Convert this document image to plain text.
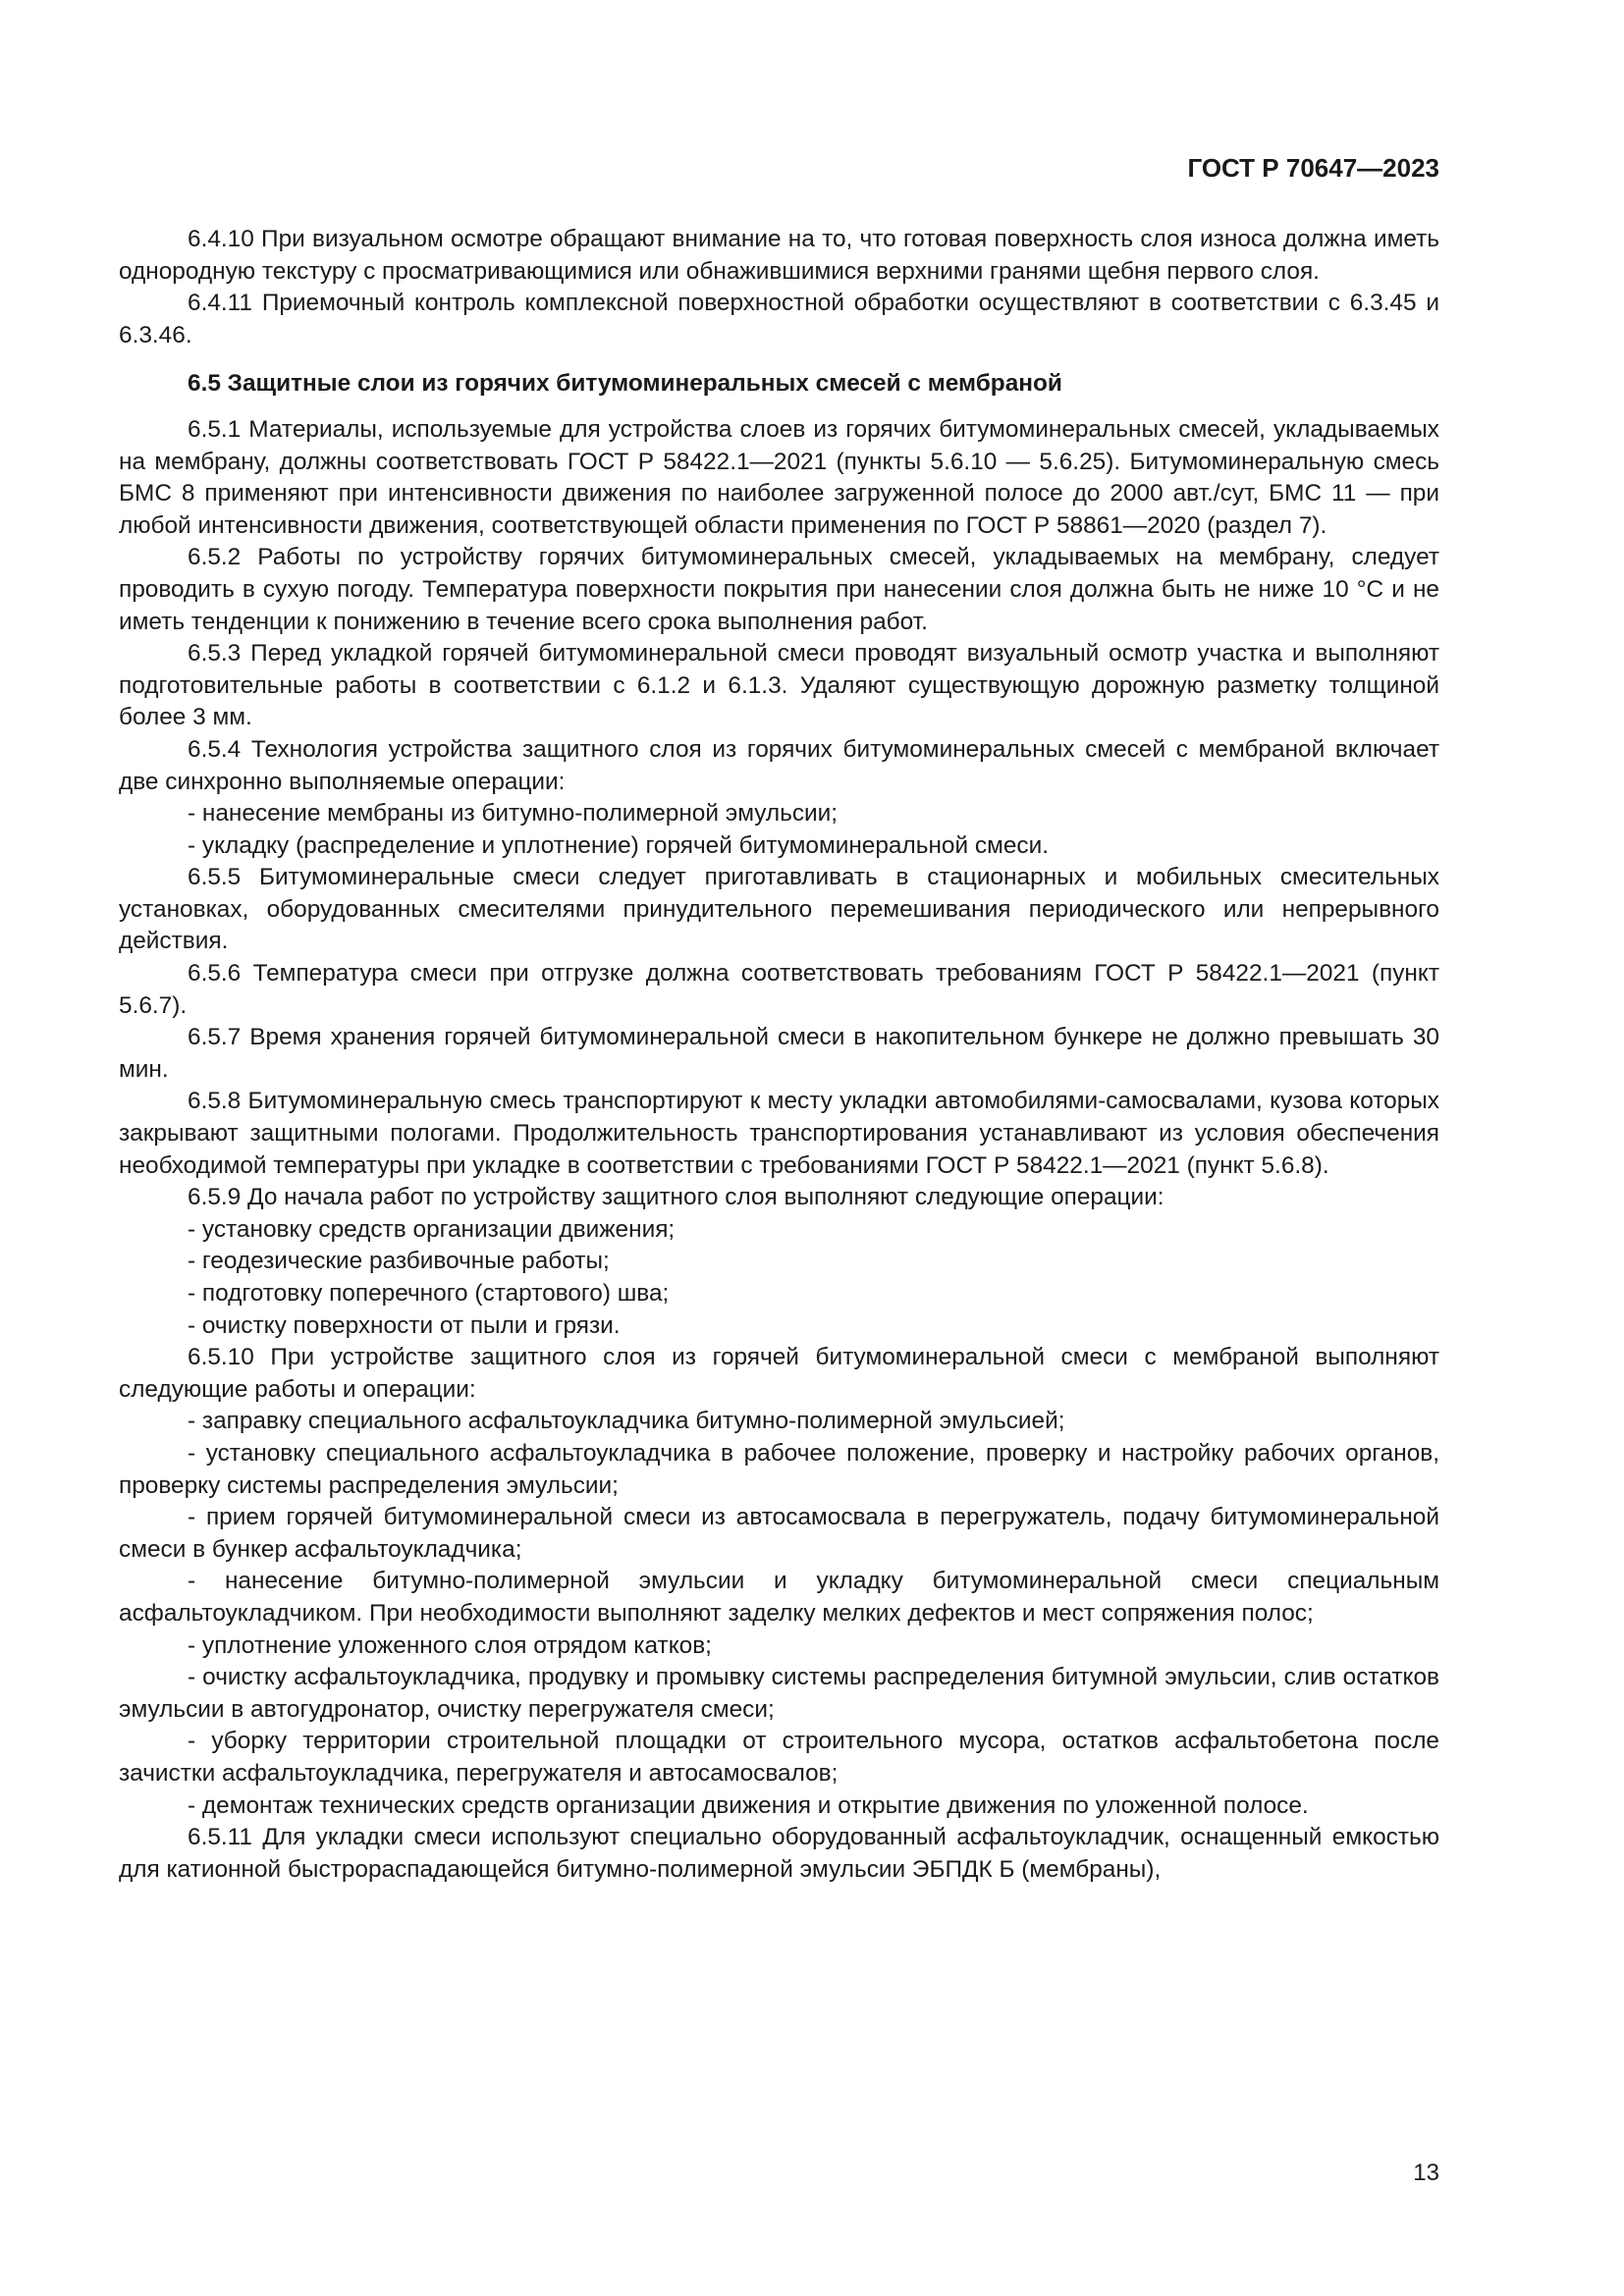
ГОСТ Р 70647—2023

6.4.10 При визуальном осмотре обращают внимание на то, что готовая поверхность слоя износа должна иметь однородную текстуру с просматривающимися или обнажившимися верхними гранями щебня первого слоя.

6.4.11 Приемочный контроль комплексной поверхностной обработки осуществляют в соответствии с 6.3.45 и 6.3.46.

6.5 Защитные слои из горячих битумоминеральных смесей с мембраной

6.5.1 Материалы, используемые для устройства слоев из горячих битумоминеральных смесей, укладываемых на мембрану, должны соответствовать ГОСТ Р 58422.1—2021 (пункты 5.6.10 — 5.6.25). Битумоминеральную смесь БМС 8 применяют при интенсивности движения по наиболее загруженной полосе до 2000 авт./сут, БМС 11 — при любой интенсивности движения, соответствующей области применения по ГОСТ Р 58861—2020 (раздел 7).

6.5.2 Работы по устройству горячих битумоминеральных смесей, укладываемых на мембрану, следует проводить в сухую погоду. Температура поверхности покрытия при нанесении слоя должна быть не ниже 10 °С и не иметь тенденции к понижению в течение всего срока выполнения работ.

6.5.3 Перед укладкой горячей битумоминеральной смеси проводят визуальный осмотр участка и выполняют подготовительные работы в соответствии с 6.1.2 и 6.1.3. Удаляют существующую дорожную разметку толщиной более 3 мм.

6.5.4 Технология устройства защитного слоя из горячих битумоминеральных смесей с мембраной включает две синхронно выполняемые операции:

- нанесение мембраны из битумно-полимерной эмульсии;

- укладку (распределение и уплотнение) горячей битумоминеральной смеси.

6.5.5 Битумоминеральные смеси следует приготавливать в стационарных и мобильных смесительных установках, оборудованных смесителями принудительного перемешивания периодического или непрерывного действия.

6.5.6 Температура смеси при отгрузке должна соответствовать требованиям ГОСТ Р 58422.1—2021 (пункт 5.6.7).

6.5.7 Время хранения горячей битумоминеральной смеси в накопительном бункере не должно превышать 30 мин.

6.5.8 Битумоминеральную смесь транспортируют к месту укладки автомобилями-самосвалами, кузова которых закрывают защитными пологами. Продолжительность транспортирования устанавливают из условия обеспечения необходимой температуры при укладке в соответствии с требованиями ГОСТ Р 58422.1—2021 (пункт 5.6.8).

6.5.9 До начала работ по устройству защитного слоя выполняют следующие операции:

- установку средств организации движения;

- геодезические разбивочные работы;

- подготовку поперечного (стартового) шва;

- очистку поверхности от пыли и грязи.

6.5.10 При устройстве защитного слоя из горячей битумоминеральной смеси с мембраной выполняют следующие работы и операции:

- заправку специального асфальтоукладчика битумно-полимерной эмульсией;

- установку специального асфальтоукладчика в рабочее положение, проверку и настройку рабочих органов, проверку системы распределения эмульсии;

- прием горячей битумоминеральной смеси из автосамосвала в перегружатель, подачу битумоминеральной смеси в бункер асфальтоукладчика;

- нанесение битумно-полимерной эмульсии и укладку битумоминеральной смеси специальным асфальтоукладчиком. При необходимости выполняют заделку мелких дефектов и мест сопряжения полос;

- уплотнение уложенного слоя отрядом катков;

- очистку асфальтоукладчика, продувку и промывку системы распределения битумной эмульсии, слив остатков эмульсии в автогудронатор, очистку перегружателя смеси;

- уборку территории строительной площадки от строительного мусора, остатков асфальтобетона после зачистки асфальтоукладчика, перегружателя и автосамосвалов;

- демонтаж технических средств организации движения и открытие движения по уложенной полосе.

6.5.11 Для укладки смеси используют специально оборудованный асфальтоукладчик, оснащенный емкостью для катионной быстрораспадающейся битумно-полимерной эмульсии ЭБПДК Б (мембраны),

13
